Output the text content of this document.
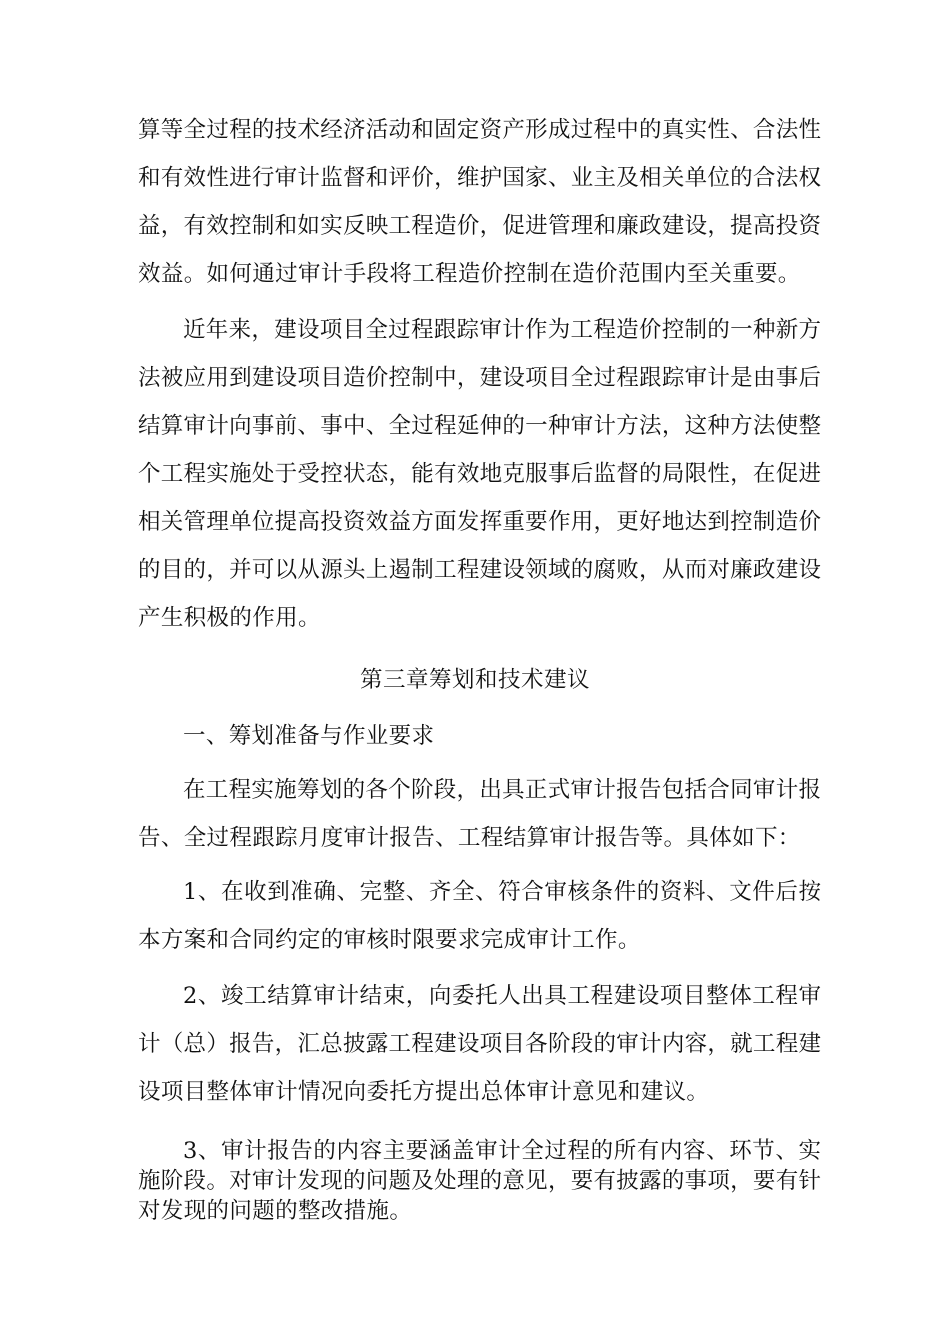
算等全过程的技术经济活动和固定资产形成过程中的真实性、合法性
和有效性进行审计监督和评价，维护国家、业主及相关单位的合法权
益，有效控制和如实反映工程造价，促进管理和廉政建设，提高投资
效益。如何通过审计手段将工程造价控制在造价范围内至关重要。
近年来，建设项目全过程跟踪审计作为工程造价控制的一种新方
法被应用到建设项目造价控制中，建设项目全过程跟踪审计是由事后
结算审计向事前、事中、全过程延伸的一种审计方法，这种方法使整
个工程实施处于受控状态，能有效地克服事后监督的局限性，在促进
相关管理单位提高投资效益方面发挥重要作用，更好地达到控制造价
的目的，并可以从源头上遏制工程建设领域的腐败，从而对廉政建设
产生积极的作用。
第三章筹划和技术建议
一、筹划准备与作业要求
在工程实施筹划的各个阶段，出具正式审计报告包括合同审计报
告、全过程跟踪月度审计报告、工程结算审计报告等。具体如下：
1、在收到准确、完整、齐全、符合审核条件的资料、文件后按
本方案和合同约定的审核时限要求完成审计工作。
2、竣工结算审计结束，向委托人出具工程建设项目整体工程审
计（总）报告，汇总披露工程建设项目各阶段的审计内容，就工程建
设项目整体审计情况向委托方提出总体审计意见和建议。
3、审计报告的内容主要涵盖审计全过程的所有内容、环节、实
施阶段。对审计发现的问题及处理的意见，要有披露的事项，要有针
对发现的问题的整改措施。
